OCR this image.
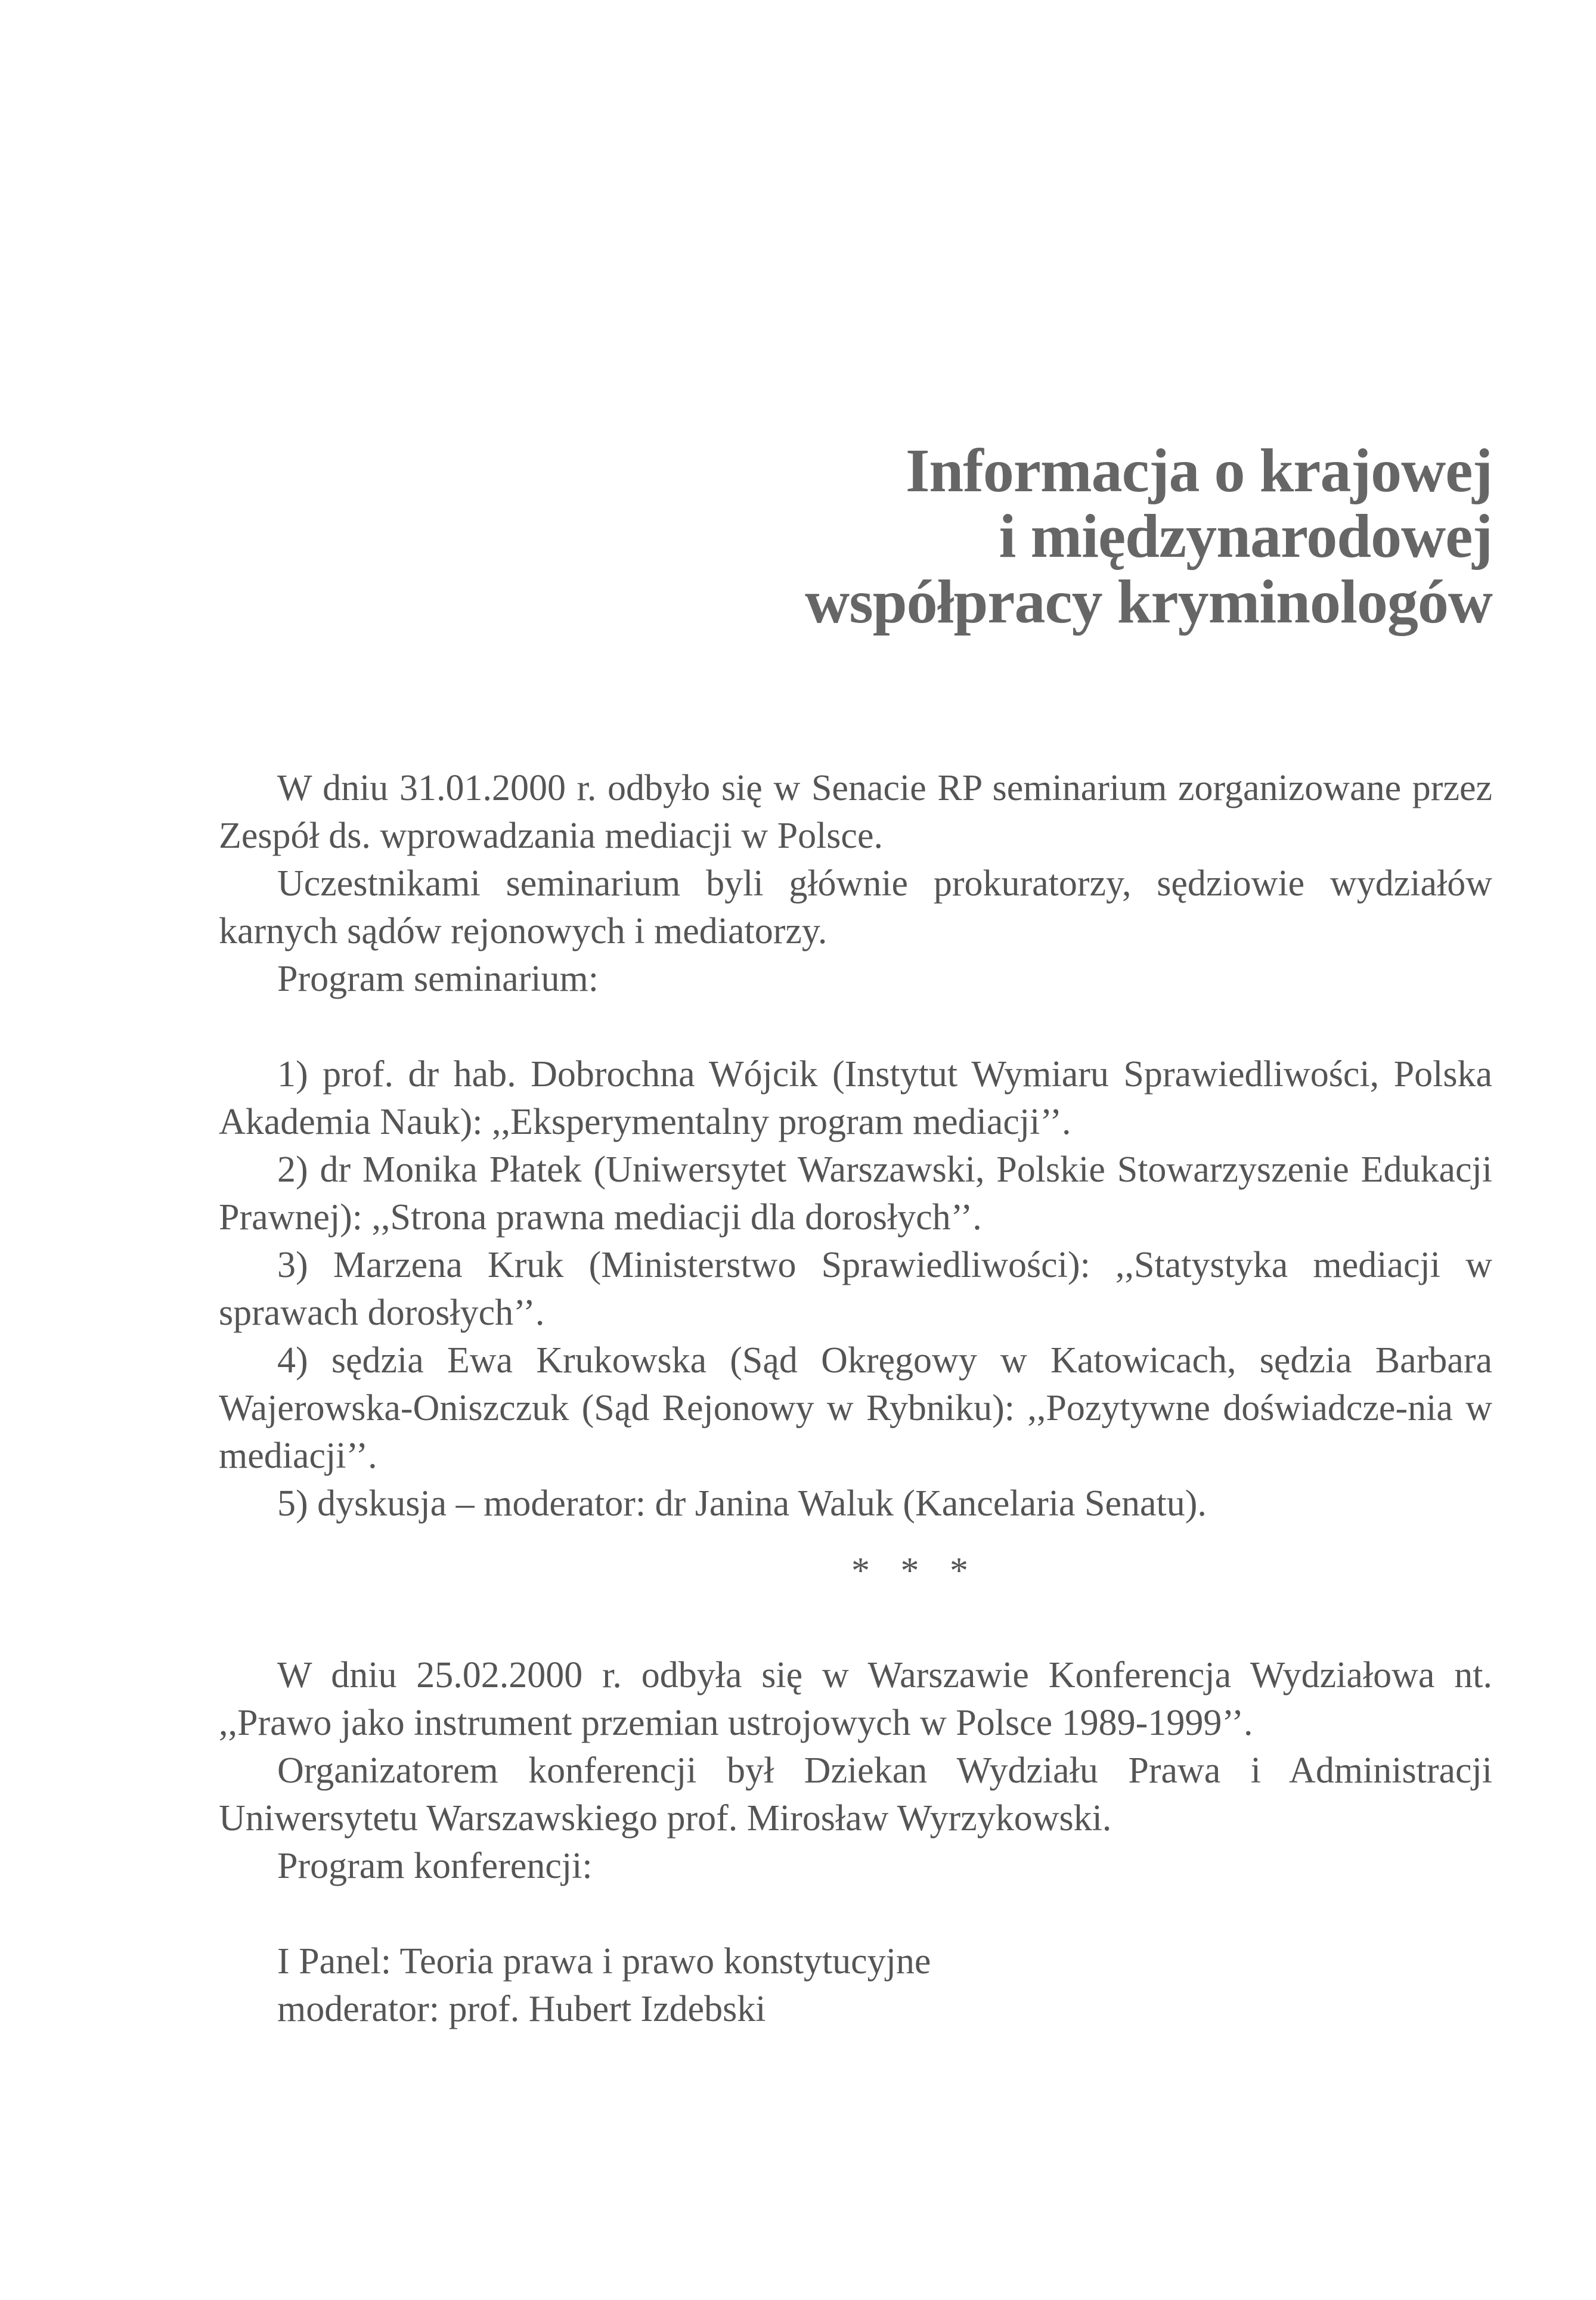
Informacja o krajowej
i międzynarodowej
współpracy kryminologów

W dniu 31.01.2000 r. odbyło się w Senacie RP seminarium zorganizowane przez Zespół ds. wprowadzania mediacji w Polsce.

Uczestnikami seminarium byli głównie prokuratorzy, sędziowie wydziałów karnych sądów rejonowych i mediatorzy.

Program seminarium:

1) prof. dr hab. Dobrochna Wójcik (Instytut Wymiaru Sprawiedliwości, Polska Akademia Nauk): ,,Eksperymentalny program mediacji’’.

2) dr Monika Płatek (Uniwersytet Warszawski, Polskie Stowarzyszenie Edukacji Prawnej): ,,Strona prawna mediacji dla dorosłych’’.

3) Marzena Kruk (Ministerstwo Sprawiedliwości): ,,Statystyka mediacji w sprawach dorosłych’’.

4) sędzia Ewa Krukowska (Sąd Okręgowy w Katowicach, sędzia Barbara Wajerowska-Oniszczuk (Sąd Rejonowy w Rybniku): ,,Pozytywne doświadcze-nia w mediacji’’.

5) dyskusja – moderator: dr Janina Waluk (Kancelaria Senatu).

* * *

W dniu 25.02.2000 r. odbyła się w Warszawie Konferencja Wydziałowa nt. ,,Prawo jako instrument przemian ustrojowych w Polsce 1989-1999’’.

Organizatorem konferencji był Dziekan Wydziału Prawa i Administracji Uniwersytetu Warszawskiego prof. Mirosław Wyrzykowski.

Program konferencji:

I Panel: Teoria prawa i prawo konstytucyjne

moderator: prof. Hubert Izdebski
